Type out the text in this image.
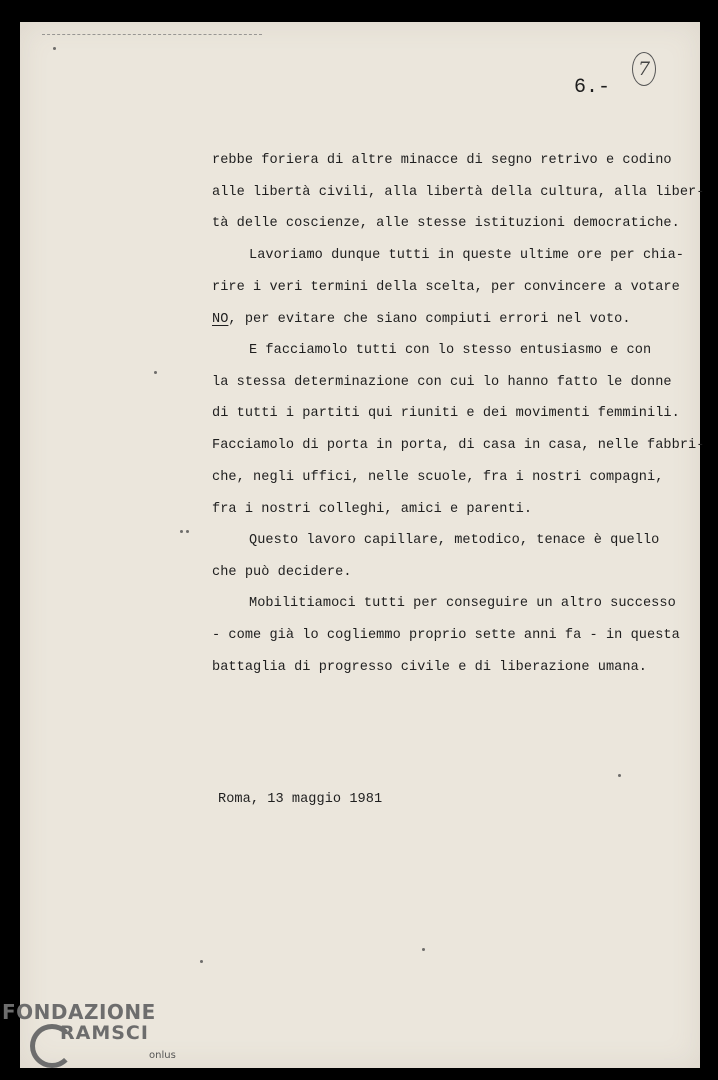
7
6.-
rebbe foriera di altre minacce di segno retrivo e codino
alle libertà civili, alla libertà della cultura, alla liber-
tà delle coscienze, alle stesse istituzioni democratiche.
Lavoriamo dunque tutti in queste ultime ore per chia-
rire i veri termini della scelta, per convincere a votare
NO, per evitare che siano compiuti errori nel voto.
E facciamolo tutti con lo stesso entusiasmo e con
la stessa determinazione con cui lo hanno fatto le donne
di tutti i partiti qui riuniti e dei movimenti femminili.
Facciamolo di porta in porta, di casa in casa, nelle fabbri-
che, negli uffici, nelle scuole, fra i nostri compagni,
fra i nostri colleghi, amici e parenti.
Questo lavoro capillare, metodico, tenace è quello
che può decidere.
Mobilitiamoci tutti per conseguire un altro successo
- come già lo cogliemmo proprio sette anni fa - in questa
battaglia di progresso civile e di liberazione umana.
Roma, 13 maggio 1981
FONDAZIONE
RAMSCI
onlus
